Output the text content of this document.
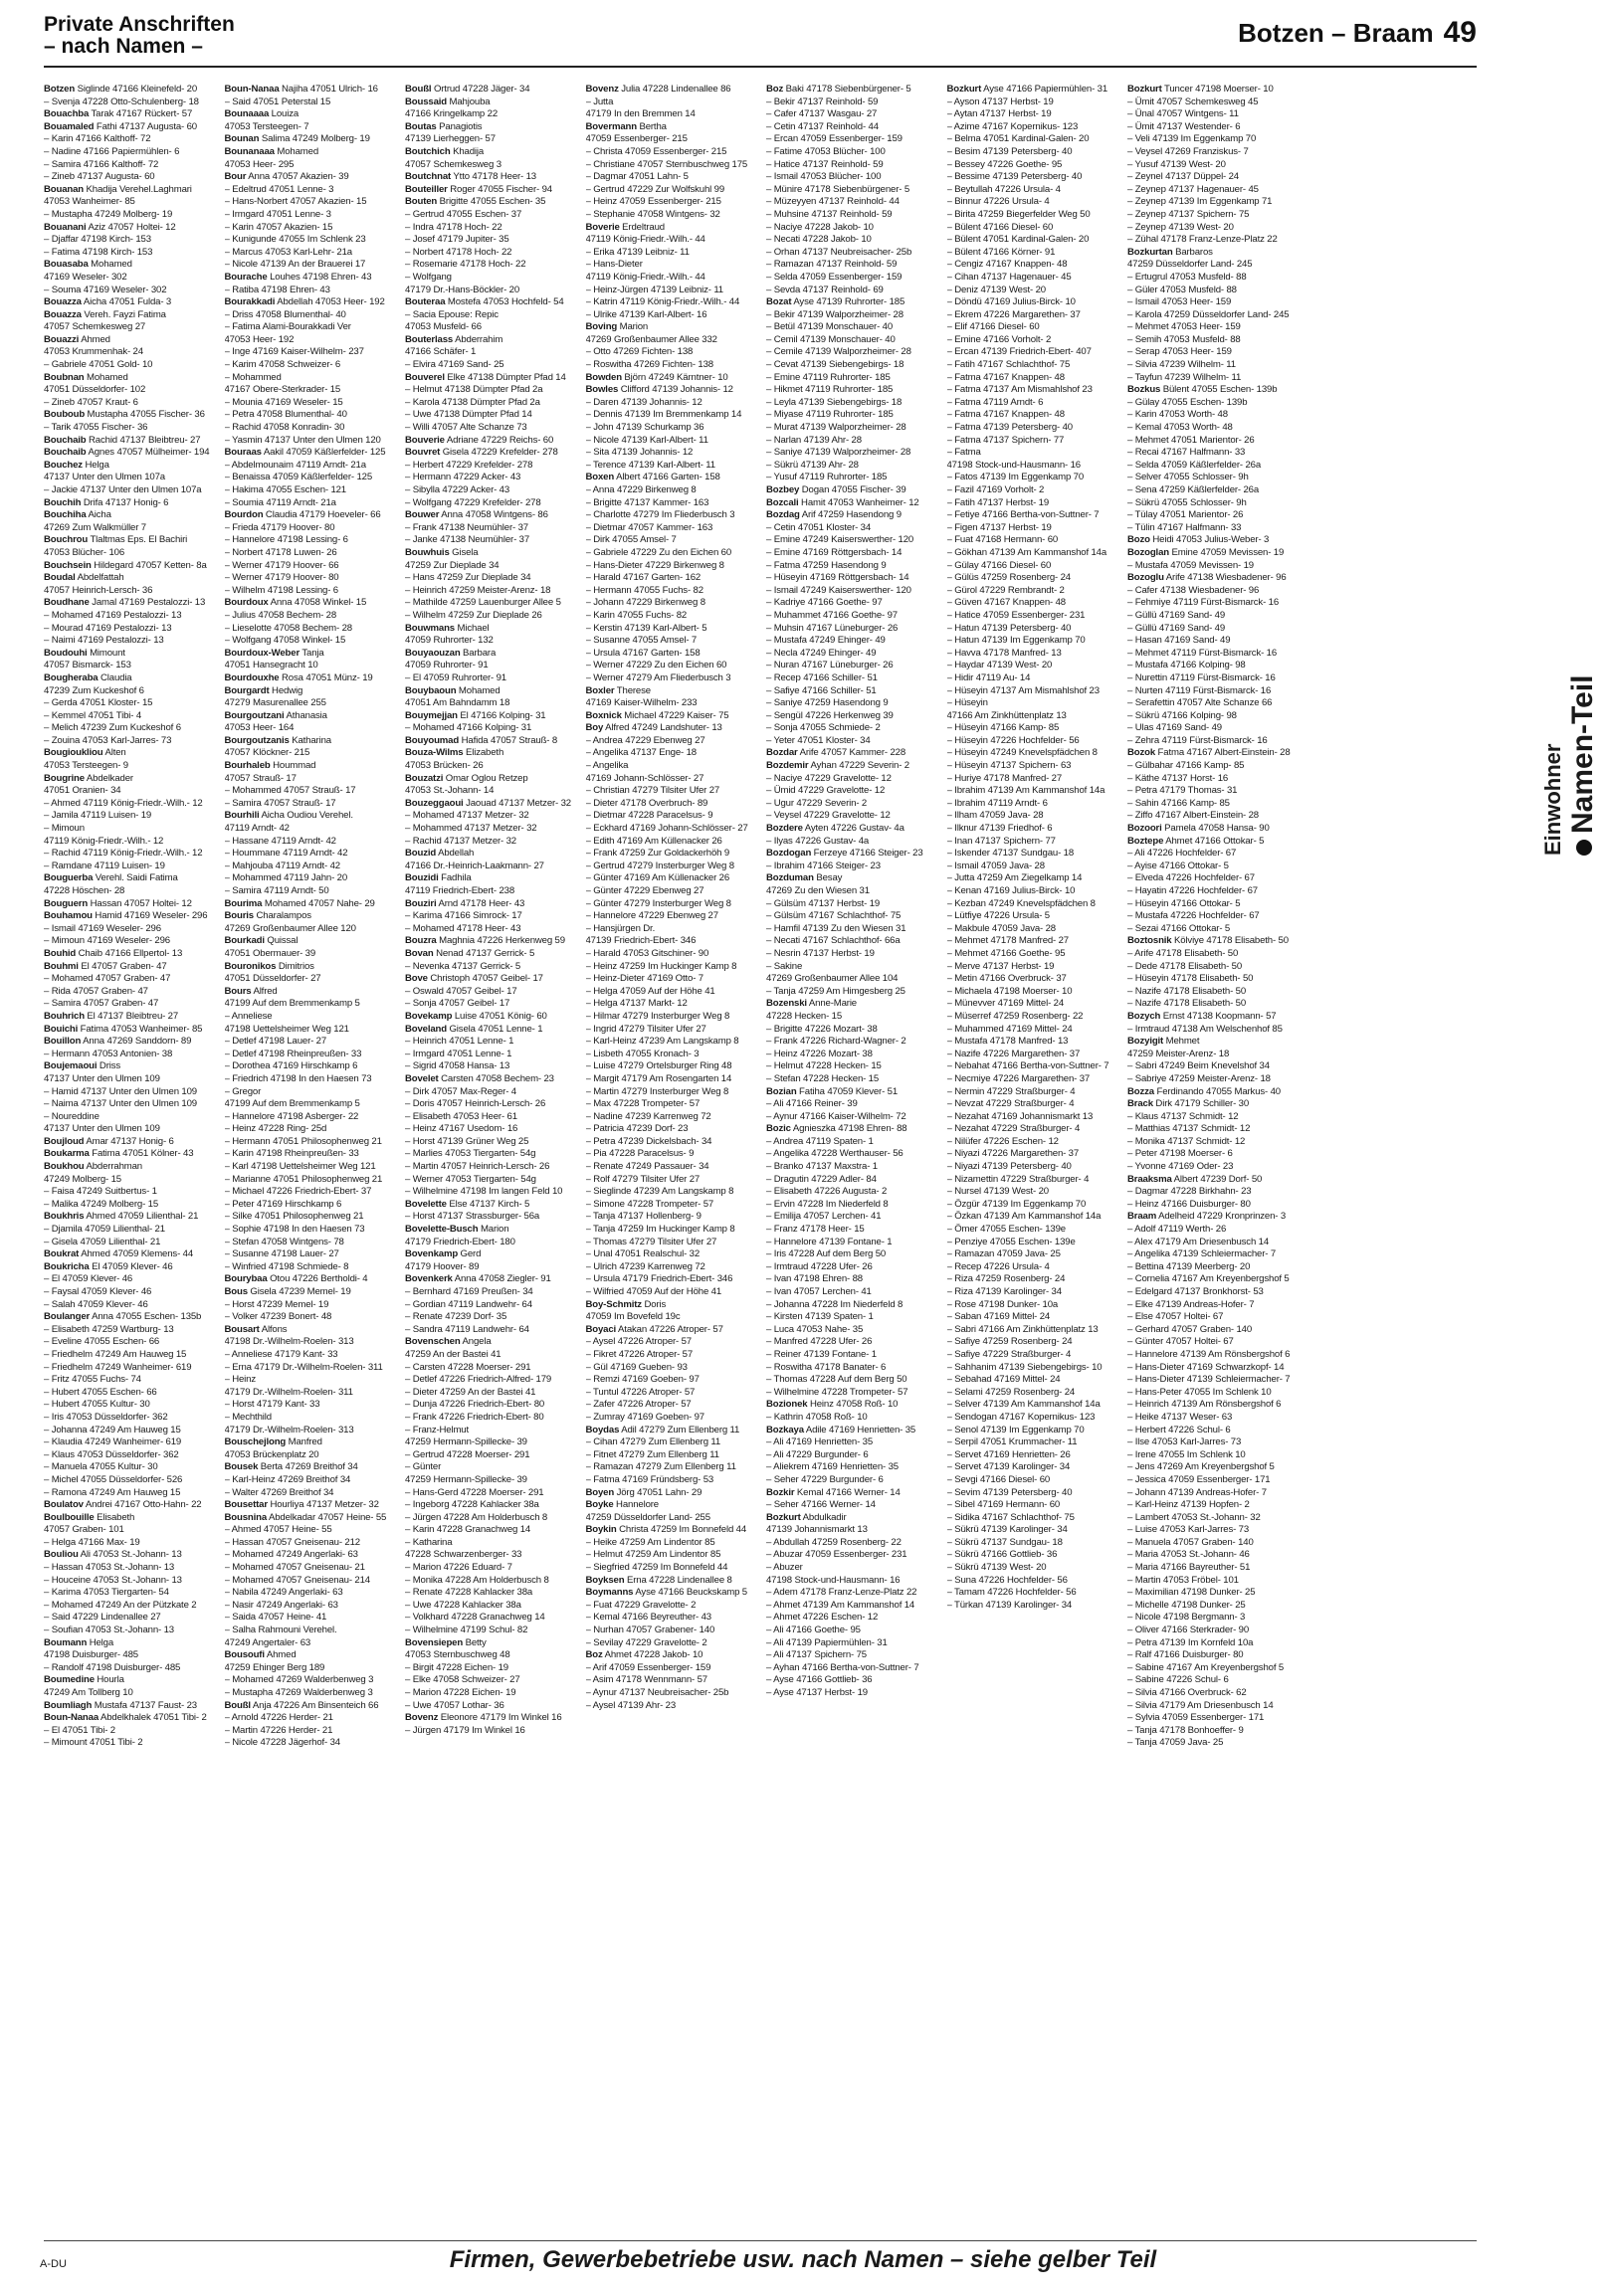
Private Anschriften
– nach Namen –	Botzen – Braam 49
Botzen Siglinde 47166 Kleinefeld- 20
– Svenja 47228 Otto-Schulenberg- 18
Bouachba Tarak 47167 Rückert- 57
Bouamaled Fathi 47137 Augusta- 60
– Karin 47166 Kalthoff- 72
– Nadine 47166 Papiermühlen- 6
– Samira 47166 Kalthoff- 72
– Zineb 47137 Augusta- 60
Bouanan Khadija Verehel.Laghmari
47053 Wanheimer- 85
– Mustapha 47249 Molberg- 19
Bouanani Aziz 47057 Holtei- 12
– Djaffar 47198 Kirch- 153
– Fatima 47198 Kirch- 153
Bouasaba Mohamed
47169 Weseler- 302
– Souma 47169 Weseler- 302
Bouazza Aicha 47051 Fulda- 3
Bouazza Vereh. Fayzi Fatima
47057 Schemkesweg 27
Bouazzi Ahmed
47053 Krummenhak- 24
– Gabriele 47051 Gold- 10
Boubnan Mohamed
47051 Düsseldorfer- 102
– Zineb 47057 Kraut- 6
Bouboub Mustapha 47055 Fischer- 36
– Tarik 47055 Fischer- 36
Bouchaib Rachid 47137 Bleibtreu- 27
Bouchaib Agnes 47057 Mülheimer- 194
Bouchez Helga
47137 Unter den Ulmen 107a
– Jackie 47137 Unter den Ulmen 107a
Bouchih Drifa 47137 Honig- 6
Bouchiha Aicha
47269 Zum Walkmüller 7
Bouchrou Tlaltmas Eps. El Bachiri
47053 Blücher- 106
Bouchsein Hildegard 47057 Ketten- 8a
Boudal Abdelfattah
47057 Heinrich-Lersch- 36
Boudhane Jamal 47169 Pestalozzi- 13
– Mohamed 47169 Pestalozzi- 13
– Mourad 47169 Pestalozzi- 13
– Naimi 47169 Pestalozzi- 13
Boudouhi Mimount
47057 Bismarck- 153
Bougheraba Claudia
47239 Zum Kuckeshof 6
– Gerda 47051 Kloster- 15
– Kemmel 47051 Tibi- 4
– Melich 47239 Zum Kuckeshof 6
– Zouina 47053 Karl-Jarres- 73
Bougioukliou Alten
47053 Tersteegen- 9
Bougrine Abdelkader
47051 Oranien- 34
– Ahmed 47119 König-Friedr.-Wilh.- 12
– Jamila 47119 Luisen- 19
– Mimoun
47119 König-Friedr.-Wilh.- 12
– Rachid 47119 König-Friedr.-Wilh.- 12
– Ramdane 47119 Luisen- 19
Bouguerba Verehl. Saidi Fatima
47228 Höschen- 28
Bouguern Hassan 47057 Holtei- 12
Bouhamou Hamid 47169 Weseler- 296
– Ismail 47169 Weseler- 296
– Mimoun 47169 Weseler- 296
Bouhid Chaib 47166 Ellpertol- 13
Bouhmi El 47057 Graben- 47
– Mohamed 47057 Graben- 47
– Rida 47057 Graben- 47
– Samira 47057 Graben- 47
Bouhrich El 47137 Bleibtreu- 27
Bouichi Fatima 47053 Wanheimer- 85
Bouillon Anna 47269 Sanddorn- 89
– Hermann 47053 Antonien- 38
Boujemaoui Driss
47137 Unter den Ulmen 109
– Hamid 47137 Unter den Ulmen 109
– Naima 47137 Unter den Ulmen 109
– Noureddine
47137 Unter den Ulmen 109
Boujloud Amar 47137 Honig- 6
Boukarma Fatima 47051 Kölner- 43
Boukhou Abderrahman
47249 Molberg- 15
– Faisa 47249 Suitbertus- 1
– Malika 47249 Molberg- 15
Boukhris Ahmed 47059 Lilienthal- 21
– Djamila 47059 Lilienthal- 21
– Gisela 47059 Lilienthal- 21
Boukrat Ahmed 47059 Klemens- 44
Boukricha El 47059 Klever- 46
– El 47059 Klever- 46
– Faysal 47059 Klever- 46
– Salah 47059 Klever- 46
Boulanger Anna 47055 Eschen- 135b
– Elisabeth 47259 Wartburg- 13
– Eveline 47055 Eschen- 66
– Friedhelm 47249 Am Hauweg 15
– Friedhelm 47249 Wanheimer- 619
– Fritz 47055 Fuchs- 74
– Hubert 47055 Eschen- 66
– Hubert 47055 Kultur- 30
– Iris 47053 Düsseldorfer- 362
– Johanna 47249 Am Hauweg 15
– Klaudia 47249 Wanheimer- 619
– Klaus 47053 Düsseldorfer- 362
– Manuela 47055 Kultur- 30
– Michel 47055 Düsseldorfer- 526
– Ramona 47249 Am Hauweg 15
Boulatov Andrei 47167 Otto-Hahn- 22
Boulbouille Elisabeth
47057 Graben- 101
– Helga 47166 Max- 19
Bouliou Ali 47053 St.-Johann- 13
– Hassan 47053 St.-Johann- 13
– Houceine 47053 St.-Johann- 13
– Karima 47053 Tiergarten- 54
– Mohamed 47249 An der Pützkate 2
– Said 47229 Lindenallee 27
– Soufian 47053 St.-Johann- 13
Boumann Helga
47198 Duisburger- 485
– Randolf 47198 Duisburger- 485
Boumedine Hourla
47249 Am Tollberg 10
Boumliagh Mustafa 47137 Faust- 23
Boun-Nanaa Abdelkhalek 47051 Tibi- 2
– El 47051 Tibi- 2
– Mimount 47051 Tibi- 2
Boun-Nanaa Najiha 47051 Ulrich- 16
– Said 47051 Peterstal 15
Bounaaaa Louiza
47053 Tersteegen- 7
Bounan Salima 47249 Molberg- 19
Bounanaaa Mohamed
47053 Heer- 295
Bour Anna 47057 Akazien- 39
– Edeltrud 47051 Lenne- 3
– Hans-Norbert 47057 Akazien- 15
– Irmgard 47051 Lenne- 3
– Karin 47057 Akazien- 15
– Kunigunde 47055 Im Schlenk 23
– Marcus 47053 Karl-Lehr- 21a
– Nicole 47139 An der Brauerei 17
Bourache Louhes 47198 Ehren- 43
– Ratiba 47198 Ehren- 43
Bourakkadi Abdellah 47053 Heer- 192
– Driss 47058 Blumenthal- 40
– Fatima Alami-Bourakkadi Ver
47053 Heer- 192
– Inge 47169 Kaiser-Wilhelm- 237
– Karim 47058 Schweizer- 6
– Mohammed
47167 Obere-Sterkrader- 15
– Mounia 47169 Weseler- 15
– Petra 47058 Blumenthal- 40
– Rachid 47058 Konradin- 30
– Yasmin 47137 Unter den Ulmen 120
Bouraas Aakil 47059 Käßlerfelder- 125
– Abdelmounaim 47119 Arndt- 21a
– Benaissa 47059 Käßlerfelder- 125
– Hakima 47055 Eschen- 121
– Soumia 47119 Arndt- 21a
Bourdon Claudia 47179 Hoeveler- 66
– Frieda 47179 Hoover- 80
– Hannelore 47198 Lessing- 6
– Norbert 47178 Luwen- 26
– Werner 47179 Hoover- 66
– Werner 47179 Hoover- 80
– Wilhelm 47198 Lessing- 6
Bourdoux Anna 47058 Winkel- 15
– Julius 47058 Bechem- 28
– Lieselotte 47058 Bechem- 28
– Wolfgang 47058 Winkel- 15
Bourdoux-Weber Tanja
47051 Hansegracht 10
Bourdouxhe Rosa 47051 Münz- 19
Bourgardt Hedwig
47279 Masurenallee 255
Bourgoutzani Athanasia
47053 Heer- 164
Bourgoutzanis Katharina
47057 Klöckner- 215
Bourhaleb Hoummad
47057 Strauß- 17
– Mohammed 47057 Strauß- 17
– Samira 47057 Strauß- 17
Bourhili Aicha Oudiou Verehel.
47119 Arndt- 42
– Hassane 47119 Arndt- 42
– Hoummane 47119 Arndt- 42
– Mahjouba 47119 Arndt- 42
– Mohammed 47119 Jahn- 20
– Samira 47119 Arndt- 50
Bourima Mohamed 47057 Nahe- 29
Bouris Charalampos
47269 Großenbaumer Allee 120
Bourkadi Quissal
47051 Obermauer- 39
Bouronikos Dimitrios
47051 Düsseldorfer- 27
Bours Alfred
47199 Auf dem Bremmenkamp 5
– Anneliese
47198 Uettelsheimer Weg 121
– Detlef 47198 Lauer- 27
– Detlef 47198 Rheinpreußen- 33
– Dorothea 47169 Hirschkamp 6
– Friedrich 47198 In den Haesen 73
– Gregor
47199 Auf dem Bremmenkamp 5
– Hannelore 47198 Asberger- 22
– Heinz 47228 Ring- 25d
– Hermann 47051 Philosophenweg 21
– Karin 47198 Rheinpreußen- 33
– Karl 47198 Uettelsheimer Weg 121
– Marianne 47051 Philosophenweg 21
– Michael 47226 Friedrich-Ebert- 37
– Peter 47169 Hirschkamp 6
– Silke 47051 Philosophenweg 21
– Sophie 47198 In den Haesen 73
– Stefan 47058 Wintgens- 78
– Susanne 47198 Lauer- 27
– Winfried 47198 Schmiede- 8
Bourybaa Otou 47226 Bertholdi- 4
Bous Gisela 47239 Memel- 19
– Horst 47239 Memel- 19
– Volker 47239 Bonert- 48
Bousart Alfons
47198 Dr.-Wilhelm-Roelen- 313
– Anneliese 47179 Kant- 33
– Erna 47179 Dr.-Wilhelm-Roelen- 311
– Heinz
47179 Dr.-Wilhelm-Roelen- 311
– Horst 47179 Kant- 33
– Mechthild
47179 Dr.-Wilhelm-Roelen- 313
Bouschejlong Manfred
47053 Brückenplatz 20
Bousek Berta 47269 Breithof 34
– Karl-Heinz 47269 Breithof 34
– Walter 47269 Breithof 34
Bousettar Hourliya 47137 Metzer- 32
Bousnina Abdelkadar 47057 Heine- 55
– Ahmed 47057 Heine- 55
– Hassan 47057 Gneisenau- 212
– Mohamed 47249 Angerlaki- 63
– Mohamed 47057 Gneisenau- 21
– Mohamed 47057 Gneisenau- 214
– Nabila 47249 Angerlaki- 63
– Nasir 47249 Angerlaki- 63
– Saida 47057 Heine- 41
– Salha Rahmouni Verehel.
47249 Angertaler- 63
Bousoufi Ahmed
47259 Ehinger Berg 189
– Mohamed 47269 Walderbenweg 3
– Mustapha 47269 Walderbenweg 3
Boußl Anja 47226 Am Binsenteich 66
– Arnold 47226 Herder- 21
– Martin 47226 Herder- 21
– Nicole 47228 Jägerhof- 34
Boußl Ortrud 47228 Jäger- 34
Boussaid Mahjouba
47166 Kringelkamp 22
Boutas Panagiotis
47139 Lierheggen- 57
Boutchich Khadija
47057 Schemkesweg 3
Boutchnat Ytto 47178 Heer- 13
Bouteiller Roger 47055 Fischer- 94
Bouten Brigitte 47055 Eschen- 35
– Gertrud 47055 Eschen- 37
– Indra 47178 Hoch- 22
– Josef 47179 Jupiter- 35
– Norbert 47178 Hoch- 22
– Rosemarie 47178 Hoch- 22
– Wolfgang
47179 Dr.-Hans-Böckler- 20
Bouteraa Mostefa 47053 Hochfeld- 54
– Sacia Epouse: Repic
47053 Musfeld- 66
Bouterlass Abderrahim
47166 Schäfer- 1
– Elvira 47169 Sand- 25
Bouverel Elke 47138 Dümpter Pfad 14
– Helmut 47138 Dümpter Pfad 2a
– Karola 47138 Dümpter Pfad 2a
– Uwe 47138 Dümpter Pfad 14
– Willi 47057 Alte Schanze 73
Bouverie Adriane 47229 Reichs- 60
Bouvret Gisela 47229 Krefelder- 278
– Herbert 47229 Krefelder- 278
– Hermann 47229 Acker- 43
– Sibylla 47229 Acker- 43
– Wolfgang 47229 Krefelder- 278
Bouwer Anna 47058 Wintgens- 86
– Frank 47138 Neumühler- 37
– Janke 47138 Neumühler- 37
Bouwhuis Gisela
47259 Zur Dieplade 34
– Hans 47259 Zur Dieplade 34
– Heinrich 47259 Meister-Arenz- 18
– Mathilde 47259 Lauenburger Allee 5
– Wilhelm 47259 Zur Dieplade 26
Bouwmans Michael
47059 Ruhrorter- 132
Bouyaouzan Barbara
47059 Ruhrorter- 91
– El 47059 Ruhrorter- 91
Bouybaoun Mohamed
47051 Am Bahndamm 18
Bouymejjan El 47166 Kolping- 31
– Mohamed 47166 Kolping- 31
Bouyoumad Hafida 47057 Strauß- 8
Bouza-Wilms Elizabeth
47053 Brücken- 26
Bouzatzi Omar Oglou Retzep
47053 St.-Johann- 14
Bouzeggaoui Jaouad 47137 Metzer- 32
– Mohamed 47137 Metzer- 32
– Mohammed 47137 Metzer- 32
– Rachid 47137 Metzer- 32
Bouzid Abdellah
47166 Dr.-Heinrich-Laakmann- 27
Bouzidi Fadhila
47119 Friedrich-Ebert- 238
Bouziri Arnd 47178 Heer- 43
– Karima 47166 Simrock- 17
– Mohamed 47178 Heer- 43
Bouzra Maghnia 47226 Herkenweg 59
Bovan Nenad 47137 Gerrick- 5
– Nevenka 47137 Gerrick- 5
Bove Christoph 47057 Geibel- 17
– Oswald 47057 Geibel- 17
– Sonja 47057 Geibel- 17
Bovekamp Luise 47051 König- 60
Boveland Gisela 47051 Lenne- 1
– Heinrich 47051 Lenne- 1
– Irmgard 47051 Lenne- 1
– Sigrid 47058 Hansa- 13
Bovelet Carsten 47058 Bechem- 23
– Dirk 47057 Max-Reger- 4
– Doris 47057 Heinrich-Lersch- 26
– Elisabeth 47053 Heer- 61
– Heinz 47167 Usedom- 16
– Horst 47139 Grüner Weg 25
– Marlies 47053 Tiergarten- 54g
– Martin 47057 Heinrich-Lersch- 26
– Werner 47053 Tiergarten- 54g
– Wilhelmine 47198 Im langen Feld 10
Bovelette Else 47137 Kirch- 5
– Horst 47137 Strassburger- 56a
Bovelette-Busch Marion
47179 Friedrich-Ebert- 180
Bovenkamp Gerd
47179 Hoover- 89
Bovenkerk Anna 47058 Ziegler- 91
– Bernhard 47169 Preußen- 34
– Gordian 47119 Landwehr- 64
– Renate 47239 Dorf- 35
– Sandra 47119 Landwehr- 64
Bovenschen Angela
47259 An der Bastei 41
– Carsten 47228 Moerser- 291
– Detlef 47226 Friedrich-Alfred- 179
– Dieter 47259 An der Bastei 41
– Dunja 47226 Friedrich-Ebert- 80
– Frank 47226 Friedrich-Ebert- 80
– Franz-Helmut
47259 Hermann-Spillecke- 39
– Gertrud 47228 Moerser- 291
– Günter
47259 Hermann-Spillecke- 39
– Hans-Gerd 47228 Moerser- 291
– Ingeborg 47228 Kahlacker 38a
– Jürgen 47228 Am Holderbusch 8
– Karin 47228 Granachweg 14
– Katharina
47228 Schwarzenberger- 33
– Marion 47226 Eduard- 7
– Monika 47228 Am Holderbusch 8
– Renate 47228 Kahlacker 38a
– Uwe 47228 Kahlacker 38a
– Volkhard 47228 Granachweg 14
– Wilhelmine 47199 Schul- 82
Bovensiepen Betty
47053 Sternbuschweg 48
– Birgit 47228 Eichen- 19
– Elke 47058 Schweizer- 27
– Marion 47228 Eichen- 19
– Uwe 47057 Lothar- 36
Bovenz Eleonore 47179 Im Winkel 16
– Jürgen 47179 Im Winkel 16
Bovenz Julia 47228 Lindenallee 86
– Jutta
47179 In den Bremmen 14
Bovermann Bertha
47059 Essenberger- 215
– Christa 47059 Essenberger- 215
– Christiane 47057 Sternbuschweg 175
– Dagmar 47051 Lahn- 5
– Gertrud 47229 Zur Wolfskuhl 99
– Heinz 47059 Essenberger- 215
– Stephanie 47058 Wintgens- 32
Boverie Erdeltraud
47119 König-Friedr.-Wilh.- 44
– Erika 47139 Leibniz- 11
– Hans-Dieter
47119 König-Friedr.-Wilh.- 44
– Heinz-Jürgen 47139 Leibniz- 11
– Katrin 47119 König-Friedr.-Wilh.- 44
– Ulrike 47139 Karl-Albert- 16
Boving Marion
47269 Großenbaumer Allee 332
– Otto 47269 Fichten- 138
– Roswitha 47269 Fichten- 138
Bowden Björn 47249 Kärntner- 10
Bowles Clifford 47139 Johannis- 12
– Daren 47139 Johannis- 12
– Dennis 47139 Im Bremmenkamp 14
– John 47139 Schurkamp 36
– Nicole 47139 Karl-Albert- 11
– Sita 47139 Johannis- 12
– Terence 47139 Karl-Albert- 11
Boxen Albert 47166 Garten- 158
– Anna 47229 Birkenweg 8
– Brigitte 47137 Kammer- 163
– Charlotte 47279 Im Fliederbusch 3
– Dietmar 47057 Kammer- 163
– Dirk 47055 Amsel- 7
– Gabriele 47229 Zu den Eichen 60
– Hans-Dieter 47229 Birkenweg 8
– Harald 47167 Garten- 162
– Hermann 47055 Fuchs- 82
– Johann 47229 Birkenweg 8
– Karin 47055 Fuchs- 82
– Kerstin 47139 Karl-Albert- 5
– Susanne 47055 Amsel- 7
– Ursula 47167 Garten- 158
– Werner 47229 Zu den Eichen 60
– Werner 47279 Am Fliederbusch 3
Boxler Therese
47169 Kaiser-Wilhelm- 233
Boxnick Michael 47229 Kaiser- 75
Boy Alfred 47249 Landshuter- 13
– Andrea 47229 Ebenweg 27
– Angelika 47137 Enge- 18
– Angelika
47169 Johann-Schlösser- 27
– Christian 47279 Tilsiter Ufer 27
– Dieter 47178 Overbruch- 89
– Dietmar 47228 Paracelsus- 9
– Eckhard 47169 Johann-Schlösser- 27
– Edith 47169 Am Küllenacker 26
– Frank 47259 Zur Goldackerhöh 9
– Gertrud 47279 Insterburger Weg 8
– Günter 47169 Am Küllenacker 26
– Günter 47229 Ebenweg 27
– Günter 47279 Insterburger Weg 8
– Hannelore 47229 Ebenweg 27
– Hansjürgen Dr.
47139 Friedrich-Ebert- 346
– Harald 47053 Gitschiner- 90
– Heinz 47259 Im Huckinger Kamp 8
– Heinz-Dieter 47169 Otto- 7
– Helga 47059 Auf der Höhe 41
– Helga 47137 Markt- 12
– Hilmar 47279 Insterburger Weg 8
– Ingrid 47279 Tilsiter Ufer 27
– Karl-Heinz 47239 Am Langskamp 8
– Lisbeth 47055 Kronach- 3
– Luise 47279 Ortelsburger Ring 48
– Margit 47179 Am Rosengarten 14
– Martin 47279 Insterburger Weg 8
– Max 47228 Trompeter- 57
– Nadine 47239 Karrenweg 72
– Patricia 47239 Dorf- 23
– Petra 47239 Dickelsbach- 34
– Pia 47228 Paracelsus- 9
– Renate 47249 Passauer- 34
– Rolf 47279 Tilsiter Ufer 27
– Sieglinde 47239 Am Langskamp 8
– Simone 47228 Trompeter- 57
– Tanja 47137 Hollenberg- 9
– Tanja 47259 Im Huckinger Kamp 8
– Thomas 47279 Tilsiter Ufer 27
– Unal 47051 Realschul- 32
– Ulrich 47239 Karrenweg 72
– Ursula 47179 Friedrich-Ebert- 346
– Wilfried 47059 Auf der Höhe 41
Boy-Schmitz Doris
47059 Im Bovefeld 19c
Boyaci Atakan 47226 Atroper- 57
– Aysel 47226 Atroper- 57
– Fikret 47226 Atroper- 57
– Gül 47169 Gueben- 93
– Remzi 47169 Goeben- 97
– Tuntul 47226 Atroper- 57
– Zafer 47226 Atroper- 57
– Zumray 47169 Goeben- 97
Boydas Adil 47279 Zum Ellenberg 11
– Cihan 47279 Zum Ellenberg 11
– Fitnet 47279 Zum Ellenberg 11
– Ramazan 47279 Zum Ellenberg 11
– Fatma 47169 Fründsberg- 53
Boyen Jörg 47051 Lahn- 29
Boyke Hannelore
47259 Düsseldorfer Land- 255
Boykin Christa 47259 Im Bonnefeld 44
– Heike 47259 Am Lindentor 85
– Helmut 47259 Am Lindentor 85
– Siegfried 47259 Im Bonnefeld 44
Boyksen Erna 47228 Lindenallee 8
Boymanns Ayse 47166 Beuckskamp 5
– Fuat 47229 Gravelotte- 2
– Kemal 47166 Beyreuther- 43
– Nurhan 47057 Grabener- 140
– Sevilay 47229 Gravelotte- 2
Boz Ahmet 47228 Jakob- 10
– Arif 47059 Essenberger- 159
– Asim 47178 Wennmann- 57
– Aynur 47137 Neubreisacher- 25b
– Aysel 47139 Ahr- 23
Boz Baki 47178 Siebenbürgener- 5
– Bekir 47137 Reinhold- 59
– Cafer 47137 Wasgau- 27
– Cetin 47137 Reinhold- 44
– Ercan 47059 Essenberger- 159
– Fatime 47053 Blücher- 100
– Hatice 47137 Reinhold- 59
– Ismail 47053 Blücher- 100
– Münire 47178 Siebenbürgener- 5
– Müzeyyen 47137 Reinhold- 44
– Muhsine 47137 Reinhold- 59
– Naciye 47228 Jakob- 10
– Necati 47228 Jakob- 10
– Orhan 47137 Neubreisacher- 25b
– Ramazan 47137 Reinhold- 59
– Selda 47059 Essenberger- 159
– Sevda 47137 Reinhold- 69
Bozat Ayse 47139 Ruhrorter- 185
– Bekir 47139 Walporzheimer- 28
– Betül 47139 Monschauer- 40
– Cemil 47139 Monschauer- 40
– Cemile 47139 Walporzheimer- 28
– Cevat 47139 Siebengebirgs- 18
– Emine 47119 Ruhrorter- 185
– Hikmet 47119 Ruhrorter- 185
– Leyla 47139 Siebengebirgs- 18
– Miyase 47119 Ruhrorter- 185
– Murat 47139 Walporzheimer- 28
– Narlan 47139 Ahr- 28
– Saniye 47139 Walporzheimer- 28
– Sükrü 47139 Ahr- 28
– Yusuf 47119 Ruhrorter- 185
Bozbey Dogan 47055 Fischer- 39
Bozcali Hamit 47053 Wanheimer- 12
Bozdag Arif 47259 Hasendong 9
– Cetin 47051 Kloster- 34
– Emine 47249 Kaiserswerther- 120
– Emine 47169 Röttgersbach- 14
– Fatma 47259 Hasendong 9
– Hüseyin 47169 Röttgersbach- 14
– Ismail 47249 Kaiserswerther- 120
– Kadriye 47166 Goethe- 97
– Muhammet 47166 Goethe- 97
– Muhsin 47167 Lüneburger- 26
– Mustafa 47249 Ehinger- 49
– Necla 47249 Ehinger- 49
– Nuran 47167 Lüneburger- 26
– Recep 47166 Schiller- 51
– Safiye 47166 Schiller- 51
– Saniye 47259 Hasendong 9
– Sengül 47226 Herkenweg 39
– Sonja 47055 Schmiede- 2
– Yeter 47051 Kloster- 34
Bozdar Arife 47057 Kammer- 228
Bozdemir Ayhan 47229 Severin- 2
– Naciye 47229 Gravelotte- 12
– Ümid 47229 Gravelotte- 12
– Ugur 47229 Severin- 2
– Veysel 47229 Gravelotte- 12
Bozdere Ayten 47226 Gustav- 4a
– Ilyas 47226 Gustav- 4a
Bozdogan Ferzeye 47166 Steiger- 23
– Ibrahim 47166 Steiger- 23
Bozduman Besay
47269 Zu den Wiesen 31
– Gülsüm 47137 Herbst- 19
– Gülsüm 47167 Schlachthof- 75
– Hamfil 47139 Zu den Wiesen 31
– Necati 47167 Schlachthof- 66a
– Nesrin 47137 Herbst- 19
– Sakine
47269 Großenbaumer Allee 104
– Tanja 47259 Am Himgesberg 25
Bozenski Anne-Marie
47228 Hecken- 15
– Brigitte 47226 Mozart- 38
– Frank 47226 Richard-Wagner- 2
– Heinz 47226 Mozart- 38
– Helmut 47228 Hecken- 15
– Stefan 47228 Hecken- 15
Bozian Fatiha 47059 Klever- 51
– Ali 47166 Reiner- 39
– Aynur 47166 Kaiser-Wilhelm- 72
Bozic Agnieszka 47198 Ehren- 88
– Andrea 47119 Spaten- 1
– Angelika 47228 Werthauser- 56
– Branko 47137 Maxstra- 1
– Dragutin 47229 Adler- 84
– Elisabeth 47226 Augusta- 2
– Ervin 47228 Im Niederfeld 8
– Emilija 47057 Lerchen- 41
– Franz 47178 Heer- 15
– Hannelore 47139 Fontane- 1
– Iris 47228 Auf dem Berg 50
– Irmtraud 47228 Ufer- 26
– Ivan 47198 Ehren- 88
– Ivan 47057 Lerchen- 41
– Johanna 47228 Im Niederfeld 8
– Kirsten 47139 Spaten- 1
– Luca 47053 Nahe- 35
– Manfred 47228 Ufer- 26
– Reiner 47139 Fontane- 1
– Roswitha 47178 Banater- 6
– Thomas 47228 Auf dem Berg 50
– Wilhelmine 47228 Trompeter- 57
Bozionek Heinz 47058 Roß- 10
– Kathrin 47058 Roß- 10
Bozkaya Adile 47169 Henrietten- 35
– Ali 47169 Henrietten- 35
– Ali 47229 Burgunder- 6
– Aliekrem 47169 Henrietten- 35
– Seher 47229 Burgunder- 6
Bozkir Kemal 47166 Werner- 14
– Seher 47166 Werner- 14
Bozkurt Abdulkadir
47139 Johannismarkt 13
– Abdullah 47259 Rosenberg- 22
– Abuzar 47059 Essenberger- 231
– Abuzer
47198 Stock-und-Hausmann- 16
– Adem 47178 Franz-Lenze-Platz 22
– Ahmet 47139 Am Kammanshof 14
– Ahmet 47226 Eschen- 12
– Ali 47166 Goethe- 95
– Ali 47139 Papiermühlen- 31
– Ali 47137 Spichern- 75
– Ayhan 47166 Bertha-von-Suttner- 7
– Ayse 47166 Gottlieb- 36
– Ayse 47137 Herbst- 19
Bozkurt Ayse 47166 Papiermühlen- 31
– Ayson 47137 Herbst- 19
– Aytan 47137 Herbst- 19
– Azime 47167 Kopernikus- 123
– Belma 47051 Kardinal-Galen- 20
– Besim 47139 Petersberg- 40
– Bessey 47226 Goethe- 95
– Bessime 47139 Petersberg- 40
– Beytullah 47226 Ursula- 4
– Binnur 47226 Ursula- 4
– Birita 47259 Biegerfelder Weg 50
– Bülent 47166 Diesel- 60
– Bülent 47051 Kardinal-Galen- 20
– Bülent 47166 Körner- 91
– Cengiz 47167 Knappen- 48
– Cihan 47137 Hagenauer- 45
– Deniz 47139 West- 20
– Döndü 47169 Julius-Birck- 10
– Ekrem 47226 Margarethen- 37
– Elif 47166 Diesel- 60
– Emine 47166 Vorholt- 2
– Ercan 47139 Friedrich-Ebert- 407
– Fatih 47167 Schlachthof- 75
– Fatma 47167 Knappen- 48
– Fatma 47137 Am Mismahlshof 23
– Fatma 47119 Arndt- 6
– Fatma 47167 Knappen- 48
– Fatma 47139 Petersberg- 40
– Fatma 47137 Spichern- 77
– Fatma
47198 Stock-und-Hausmann- 16
– Fatos 47139 Im Eggenkamp 70
– Fazil 47169 Vorholt- 2
– Fatih 47137 Herbst- 19
– Fetiye 47166 Bertha-von-Suttner- 7
– Figen 47137 Herbst- 19
– Fuat 47168 Hermann- 60
– Gökhan 47139 Am Kammanshof 14a
– Gülay 47166 Diesel- 60
– Gülüs 47259 Rosenberg- 24
– Gürol 47229 Rembrandt- 2
– Güven 47167 Knappen- 48
– Hatice 47059 Essenberger- 231
– Hatun 47139 Petersberg- 40
– Hatun 47139 Im Eggenkamp 70
– Havva 47178 Manfred- 13
– Haydar 47139 West- 20
– Hidir 47119 Au- 14
– Hüseyin 47137 Am Mismahlshof 23
– Hüseyin
47166 Am Zinkhüttenplatz 13
– Hüseyin 47166 Kamp- 85
– Hüseyin 47226 Hochfelder- 56
– Hüseyin 47249 Knevelspfädchen 8
– Hüseyin 47137 Spichern- 63
– Huriye 47178 Manfred- 27
– Ibrahim 47139 Am Kammanshof 14a
– Ibrahim 47119 Arndt- 6
– Ilham 47059 Java- 28
– Ilknur 47139 Friedhof- 6
– Inan 47137 Spichern- 77
– Iskender 47137 Sundgau- 18
– Ismail 47059 Java- 28
– Jutta 47259 Am Ziegelkamp 14
– Kenan 47169 Julius-Birck- 10
– Kezban 47249 Knevelspfädchen 8
– Lütfiye 47226 Ursula- 5
– Makbule 47059 Java- 28
– Mehmet 47178 Manfred- 27
– Mehmet 47166 Goethe- 95
– Merve 47137 Herbst- 19
– Metin 47166 Overbruck- 37
– Michaela 47198 Moerser- 10
– Münevver 47169 Mittel- 24
– Müserref 47259 Rosenberg- 22
– Muhammed 47169 Mittel- 24
– Mustafa 47178 Manfred- 13
– Nazife 47226 Margarethen- 37
– Nebahat 47166 Bertha-von-Suttner- 7
– Necmiye 47226 Margarethen- 37
– Nermin 47229 Straßburger- 4
– Nevzat 47229 Straßburger- 4
– Nezahat 47169 Johannismarkt 13
– Nezahat 47229 Straßburger- 4
– Nilüfer 47226 Eschen- 12
– Niyazi 47226 Margarethen- 37
– Niyazi 47139 Petersberg- 40
– Nizamettin 47229 Straßburger- 4
– Nursel 47139 West- 20
– Özgür 47139 Im Eggenkamp 70
– Özkan 47139 Am Kammanshof 14a
– Ömer 47055 Eschen- 139e
– Penziye 47055 Eschen- 139e
– Ramazan 47059 Java- 25
– Recep 47226 Ursula- 4
– Riza 47259 Rosenberg- 24
– Riza 47139 Karolinger- 34
– Rose 47198 Dunker- 10a
– Saban 47169 Mittel- 24
– Sabri 47166 Am Zinkhüttenplatz 13
– Safiye 47259 Rosenberg- 24
– Safiye 47229 Straßburger- 4
– Sahhanim 47139 Siebengebirgs- 10
– Sebahad 47169 Mittel- 24
– Selami 47259 Rosenberg- 24
– Selver 47139 Am Kammanshof 14a
– Sendogan 47167 Kopernikus- 123
– Senol 47139 Im Eggenkamp 70
– Serpil 47051 Krummacher- 11
– Servet 47169 Henrietten- 26
– Servet 47139 Karolinger- 34
– Sevgi 47166 Diesel- 60
– Sevim 47139 Petersberg- 40
– Sibel 47169 Hermann- 60
– Sidika 47167 Schlachthof- 75
– Sükrü 47139 Karolinger- 34
– Sükrü 47137 Sundgau- 18
– Sükrü 47166 Gottlieb- 36
– Sükrü 47139 West- 20
– Suna 47226 Hochfelder- 56
– Tamam 47226 Hochfelder- 56
– Türkan 47139 Karolinger- 34
Bozkurt Tuncer 47198 Moerser- 10
– Ümit 47057 Schemkesweg 45
– Ünal 47057 Wintgens- 11
– Ümit 47137 Westender- 6
– Veli 47139 Im Eggenkamp 70
– Veysel 47269 Franziskus- 7
– Yusuf 47139 West- 20
– Zeynel 47137 Düppel- 24
– Zeynep 47137 Hagenauer- 45
– Zeynep 47139 Im Eggenkamp 71
– Zeynep 47137 Spichern- 75
– Zeynep 47139 West- 20
– Zühal 47178 Franz-Lenze-Platz 22
Bozkurtan Barbaros
47259 Düsseldorfer Land- 245
– Ertugrul 47053 Musfeld- 88
– Güler 47053 Musfeld- 88
– Ismail 47053 Heer- 159
– Karola 47259 Düsseldorfer Land- 245
– Mehmet 47053 Heer- 159
– Semih 47053 Musfeld- 88
– Serap 47053 Heer- 159
– Silvia 47239 Wilhelm- 11
– Tayfun 47239 Wilhelm- 11
Bozkus Bülent 47055 Eschen- 139b
– Gülay 47055 Eschen- 139b
– Karin 47053 Worth- 48
– Kemal 47053 Worth- 48
– Mehmet 47051 Marientor- 26
– Recai 47167 Halfmann- 33
– Selda 47059 Käßlerfelder- 26a
– Selver 47055 Schlosser- 9h
– Sena 47259 Käßlerfelder- 26a
– Sükrü 47055 Schlosser- 9h
– Tülay 47051 Marientor- 26
– Tülin 47167 Halfmann- 33
Bozo Heidi 47053 Julius-Weber- 3
Bozoglan Emine 47059 Mevissen- 19
– Mustafa 47059 Mevissen- 19
Bozoglu Arife 47138 Wiesbadener- 96
– Cafer 47138 Wiesbadener- 96
– Fehmiye 47119 Fürst-Bismarck- 16
– Güllü 47169 Sand- 49
– Güllü 47169 Sand- 49
– Hasan 47169 Sand- 49
– Mehmet 47119 Fürst-Bismarck- 16
– Mustafa 47166 Kolping- 98
– Nurettin 47119 Fürst-Bismarck- 16
– Nurten 47119 Fürst-Bismarck- 16
– Serafettin 47057 Alte Schanze 66
– Sükrü 47166 Kolping- 98
– Ulas 47169 Sand- 49
– Zehra 47119 Fürst-Bismarck- 16
Bozok Fatma 47167 Albert-Einstein- 28
– Gülbahar 47166 Kamp- 85
– Käthe 47137 Horst- 16
– Petra 47179 Thomas- 31
– Sahin 47166 Kamp- 85
– Ziffo 47167 Albert-Einstein- 28
Bozoori Pamela 47058 Hansa- 90
Boztepe Ahmet 47166 Ottokar- 5
– Ali 47226 Hochfelder- 67
– Ayise 47166 Ottokar- 5
– Elveda 47226 Hochfelder- 67
– Hayatin 47226 Hochfelder- 67
– Hüseyin 47166 Ottokar- 5
– Mustafa 47226 Hochfelder- 67
– Sezai 47166 Ottokar- 5
Boztosnik Kölviye 47178 Elisabeth- 50
– Arife 47178 Elisabeth- 50
– Dede 47178 Elisabeth- 50
– Hüseyin 47178 Elisabeth- 50
– Nazife 47178 Elisabeth- 50
– Nazife 47178 Elisabeth- 50
Bozych Ernst 47138 Koopmann- 57
– Irmtraud 47138 Am Welschenhof 85
Bozyigit Mehmet
47259 Meister-Arenz- 18
– Sabri 47249 Beim Knevelshof 34
– Sabriye 47259 Meister-Arenz- 18
Bozza Ferdinando 47055 Markus- 40
Brack Dirk 47179 Schiller- 30
– Klaus 47137 Schmidt- 12
– Matthias 47137 Schmidt- 12
– Monika 47137 Schmidt- 12
– Peter 47198 Moerser- 6
– Yvonne 47169 Oder- 23
Braaksma Albert 47239 Dorf- 50
– Dagmar 47228 Birkhahn- 23
– Heinz 47166 Duisburger- 80
Braam Adelheid 47229 Kronprinzen- 3
– Adolf 47119 Werth- 26
– Alex 47179 Am Driesenbusch 14
– Angelika 47139 Schleiermacher- 7
– Bettina 47139 Meerberg- 20
– Cornelia 47167 Am Kreyenbergshof 5
– Edelgard 47137 Bronkhorst- 53
– Elke 47139 Andreas-Hofer- 7
– Else 47057 Holtei- 67
– Gerhard 47057 Graben- 140
– Günter 47057 Holtei- 67
– Hannelore 47139 Am Rönsbergshof 6
– Hans-Dieter 47169 Schwarzkopf- 14
– Hans-Dieter 47139 Schleiermacher- 7
– Hans-Peter 47055 Im Schlenk 10
– Heinrich 47139 Am Rönsbergshof 6
– Heike 47137 Weser- 63
– Herbert 47226 Schul- 6
– Ilse 47053 Karl-Jarres- 73
– Irene 47055 Im Schlenk 10
– Jens 47269 Am Kreyenbergshof 5
– Jessica 47059 Essenberger- 171
– Johann 47139 Andreas-Hofer- 7
– Karl-Heinz 47139 Hopfen- 2
– Lambert 47053 St.-Johann- 32
– Luise 47053 Karl-Jarres- 73
– Manuela 47057 Graben- 140
– Maria 47053 St.-Johann- 46
– Maria 47166 Bayreuther- 51
– Martin 47053 Fröbel- 101
– Maximilian 47198 Dunker- 25
– Michelle 47198 Dunker- 25
– Nicole 47198 Bergmann- 3
– Oliver 47166 Sterkrader- 90
– Petra 47139 Im Kornfeld 10a
– Ralf 47166 Duisburger- 80
– Sabine 47167 Am Kreyenbergshof 5
– Sabine 47226 Schul- 6
– Silvia 47166 Overbruck- 62
– Silvia 47179 Am Driesenbusch 14
– Sylvia 47059 Essenberger- 171
– Tanja 47178 Bonhoeffer- 9
– Tanja 47059 Java- 25
Einwohner Namen-Teil
Firmen, Gewerbebetriebe usw. nach Namen – siehe gelber Teil
A-DU
